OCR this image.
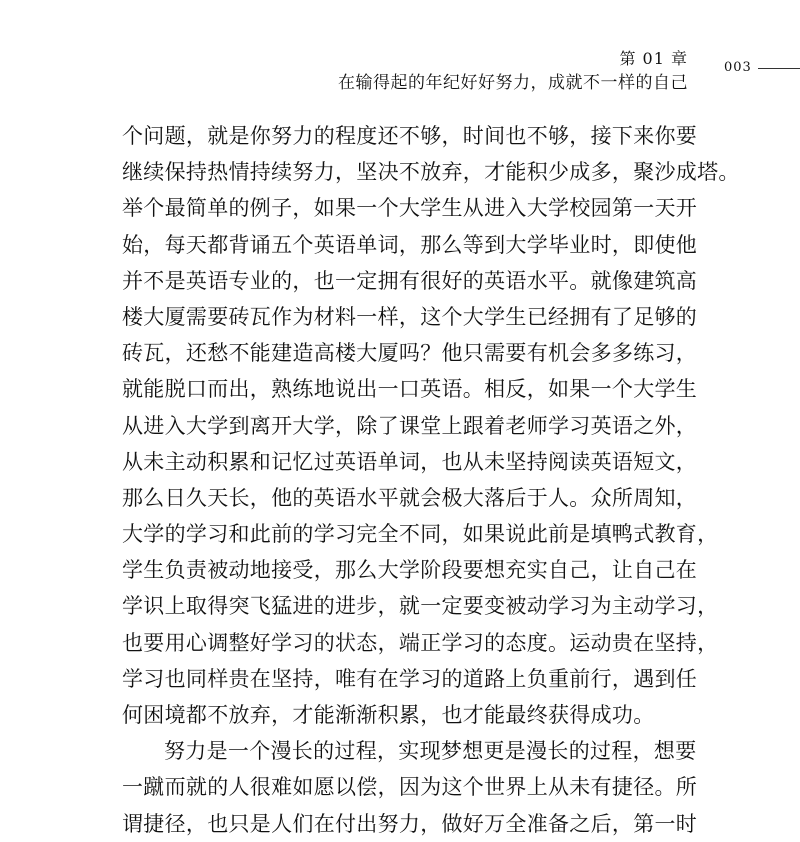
第 01 章
在输得起的年纪好好努力，成就不一样的自己
003
个问题，就是你努力的程度还不够，时间也不够，接下来你要
继续保持热情持续努力，坚决不放弃，才能积少成多，聚沙成塔。
举个最简单的例子，如果一个大学生从进入大学校园第一天开
始，每天都背诵五个英语单词，那么等到大学毕业时，即使他
并不是英语专业的，也一定拥有很好的英语水平。就像建筑高
楼大厦需要砖瓦作为材料一样，这个大学生已经拥有了足够的
砖瓦，还愁不能建造高楼大厦吗？他只需要有机会多多练习，
就能脱口而出，熟练地说出一口英语。相反，如果一个大学生
从进入大学到离开大学，除了课堂上跟着老师学习英语之外，
从未主动积累和记忆过英语单词，也从未坚持阅读英语短文，
那么日久天长，他的英语水平就会极大落后于人。众所周知，
大学的学习和此前的学习完全不同，如果说此前是填鸭式教育，
学生负责被动地接受，那么大学阶段要想充实自己，让自己在
学识上取得突飞猛进的进步，就一定要变被动学习为主动学习，
也要用心调整好学习的状态，端正学习的态度。运动贵在坚持，
学习也同样贵在坚持，唯有在学习的道路上负重前行，遇到任
何困境都不放弃，才能渐渐积累，也才能最终获得成功。
努力是一个漫长的过程，实现梦想更是漫长的过程，想要
一蹴而就的人很难如愿以偿，因为这个世界上从未有捷径。所
谓捷径，也只是人们在付出努力，做好万全准备之后，第一时
